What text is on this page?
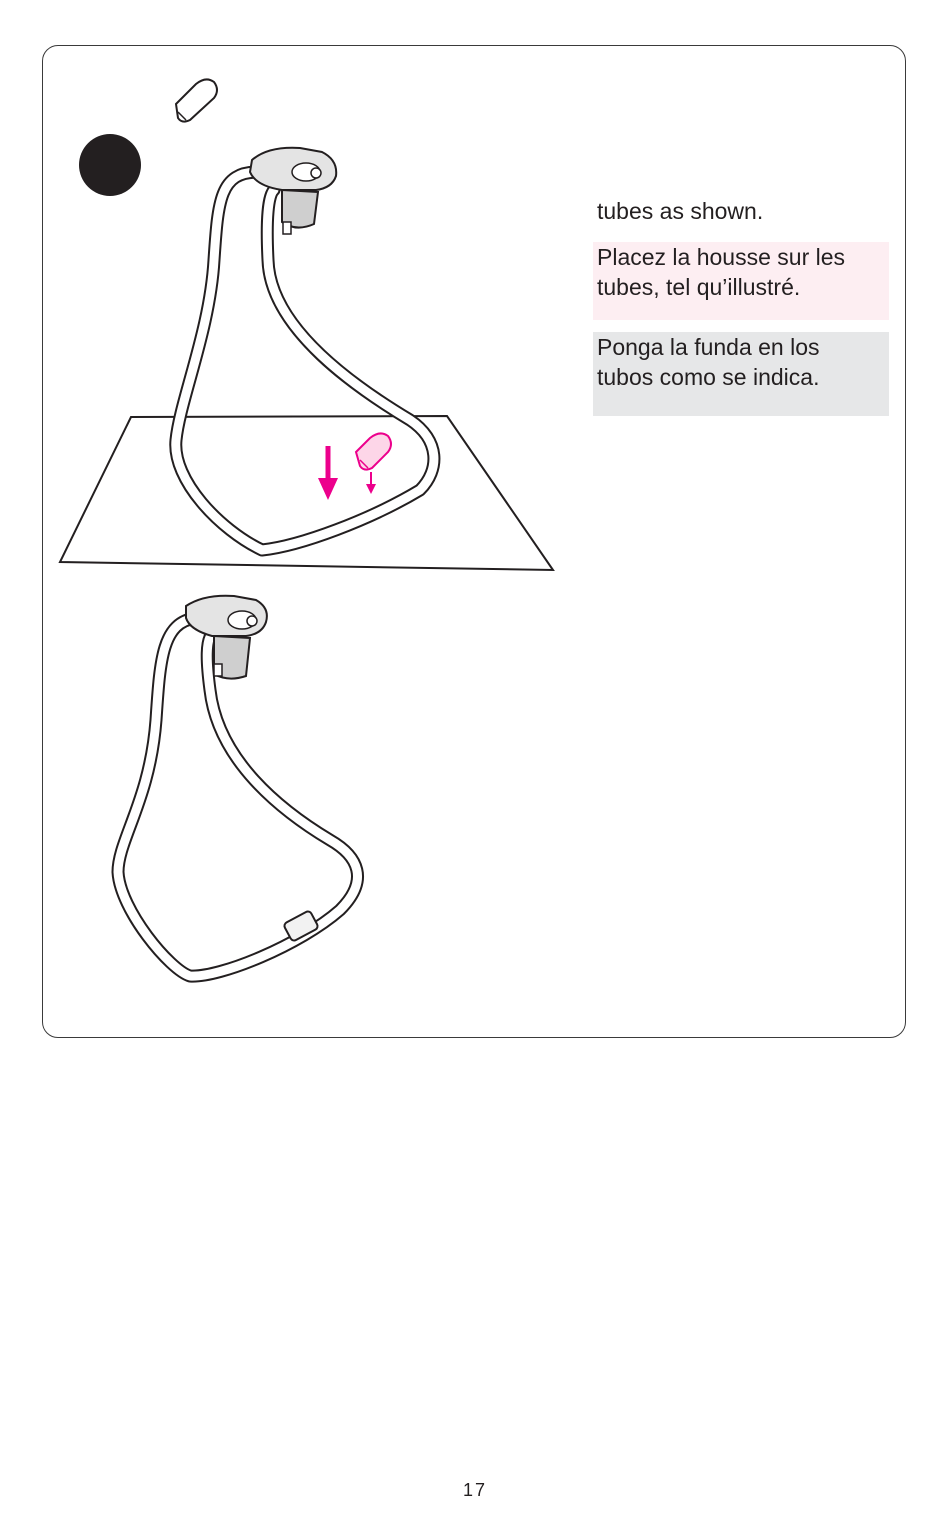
tubes as shown.
Placez la housse sur les
tubes, tel qu’illustré.
Ponga la funda en los
tubos como se indica.
17
